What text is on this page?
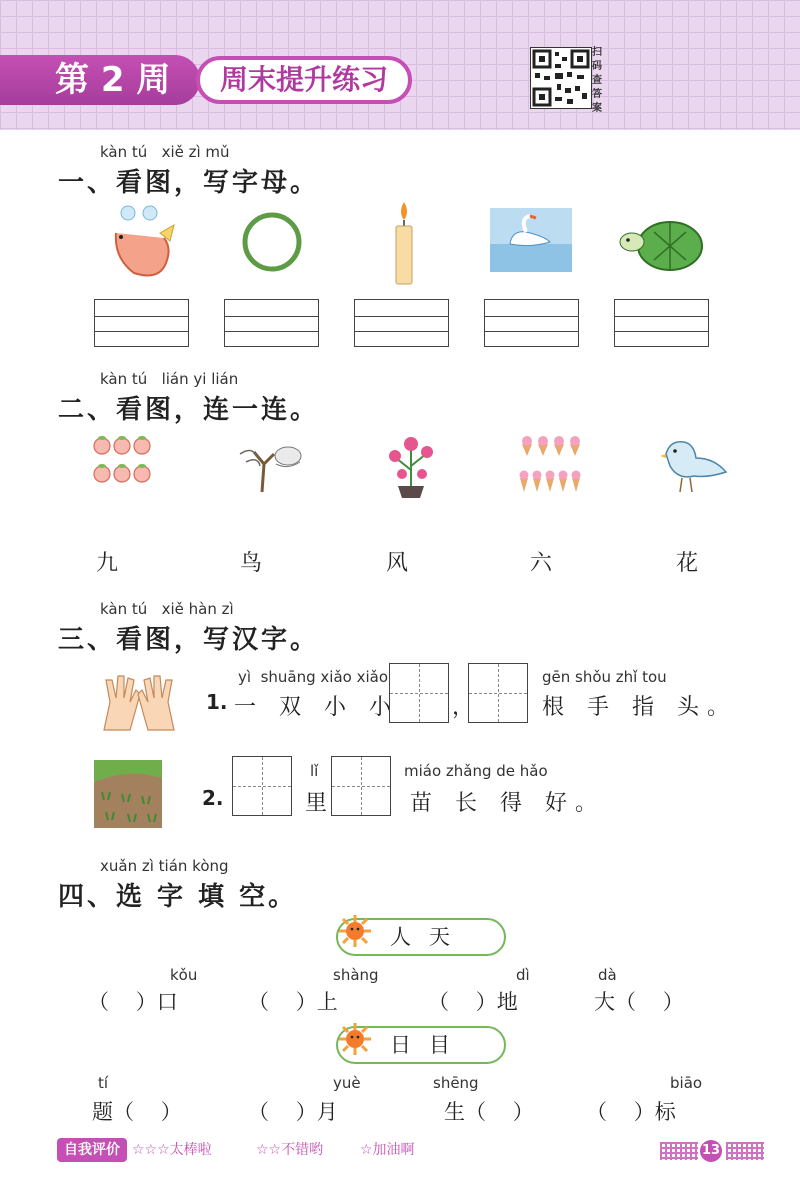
第 2 周	周末提升练习
扫码查答案
kàn tú   xiě zì mǔ
一、看图，写字母。
kàn tú   lián yi lián
二、看图，连一连。
九	鸟	风	六	花
kàn tú   xiě hàn zì
三、看图，写汉字。
1.
yì  shuāng xiǎo xiǎo
一 双 小 小 ，
gēn shǒu zhǐ tou
根 手 指 头。
2.
lǐ
里
miáo zhǎng de hǎo
苗 长 得 好。
xuǎn zì tián kòng
四、选 字 填 空。
人天
kǒu	shàng	dì	dà
（    ）口	（    ）上	（    ）地	大（    ）
日目
tí	yuè	shēng	biāo
题（    ）	（    ）月	生（    ） （    ）标
自我评价 ☆☆☆太棒啦	☆☆不错哟	☆加油啊	13
